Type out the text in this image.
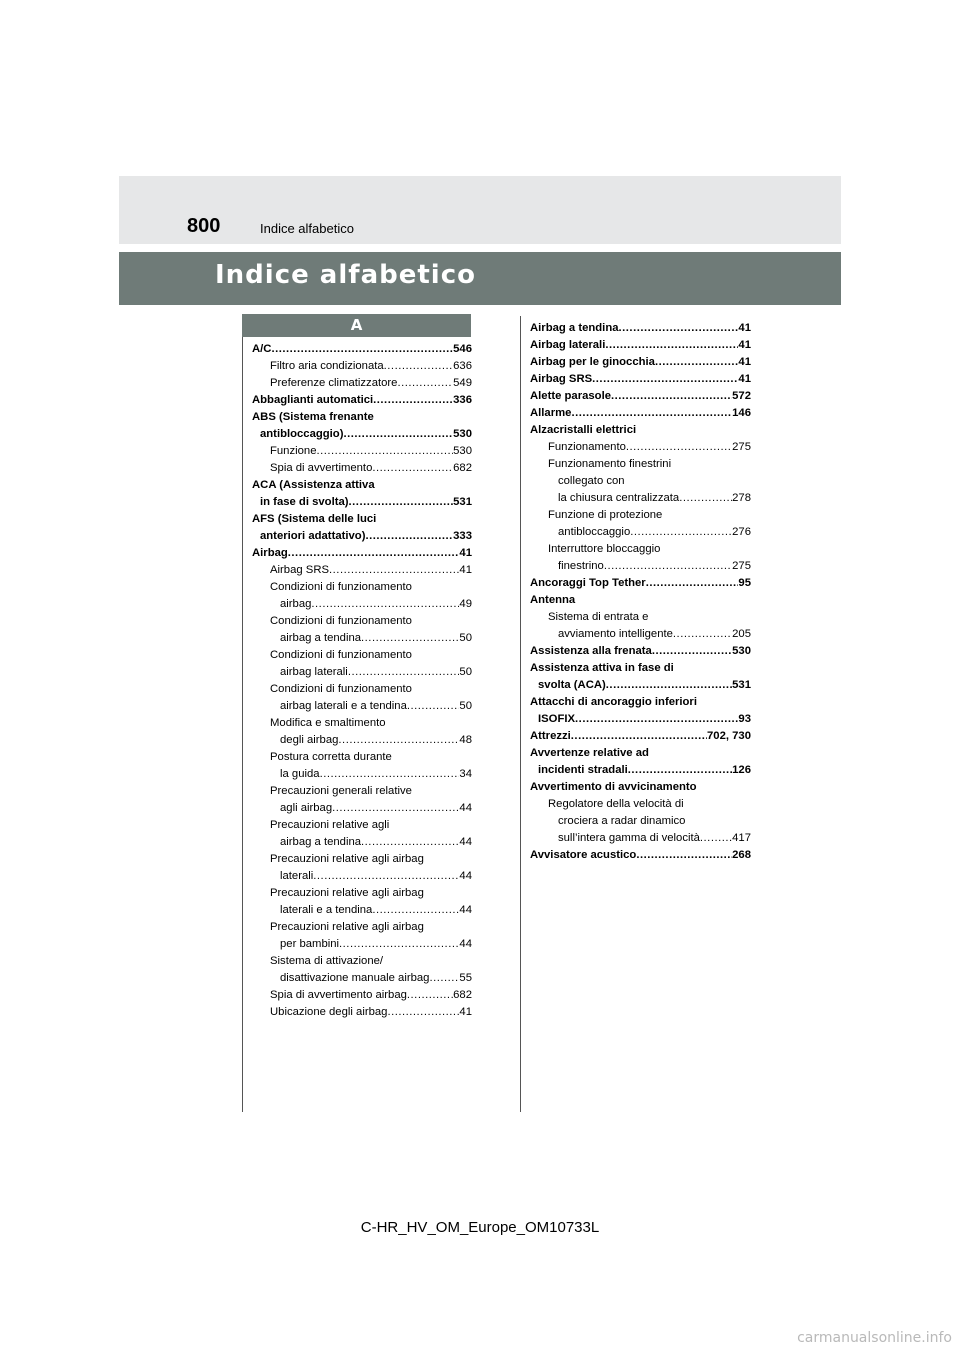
800	Indice alfabetico
Indice alfabetico
A
A/C .....	546
Filtro aria condizionata .....	636
Preferenze climatizzatore .....	549
Abbaglianti automatici .....	336
ABS (Sistema frenante
antibloccaggio) .....	530
Funzione .....	530
Spia di avvertimento .....	682
ACA (Assistenza attiva
in fase di svolta) .....	531
AFS (Sistema delle luci
anteriori adattativo) .....	333
Airbag .....	41
Airbag SRS .....	41
Condizioni di funzionamento
airbag .....	49
Condizioni di funzionamento
airbag a tendina .....	50
Condizioni di funzionamento
airbag laterali .....	50
Condizioni di funzionamento
airbag laterali e a tendina .....	50
Modifica e smaltimento
degli airbag .....	48
Postura corretta durante
la guida .....	34
Precauzioni generali relative
agli airbag .....	44
Precauzioni relative agli
airbag a tendina .....	44
Precauzioni relative agli airbag
laterali .....	44
Precauzioni relative agli airbag
laterali e a tendina .....	44
Precauzioni relative agli airbag
per bambini .....	44
Sistema di attivazione/
disattivazione manuale airbag .....	55
Spia di avvertimento airbag .....	682
Ubicazione degli airbag .....	41
Airbag a tendina .....	41
Airbag laterali .....	41
Airbag per le ginocchia .....	41
Airbag SRS .....	41
Alette parasole .....	572
Allarme .....	146
Alzacristalli elettrici
Funzionamento .....	275
Funzionamento finestrini
collegato con
la chiusura centralizzata .....	278
Funzione di protezione
antibloccaggio .....	276
Interruttore bloccaggio
finestrino .....	275
Ancoraggi Top Tether .....	95
Antenna
Sistema di entrata e
avviamento intelligente .....	205
Assistenza alla frenata .....	530
Assistenza attiva in fase di
svolta (ACA) .....	531
Attacchi di ancoraggio inferiori
ISOFIX .....	93
Attrezzi .....	702, 730
Avvertenze relative ad
incidenti stradali .....	126
Avvertimento di avvicinamento
Regolatore della velocità di
crociera a radar dinamico
sull’intera gamma di velocità .....	417
Avvisatore acustico .....	268
C-HR_HV_OM_Europe_OM10733L
carmanualsonline.info
